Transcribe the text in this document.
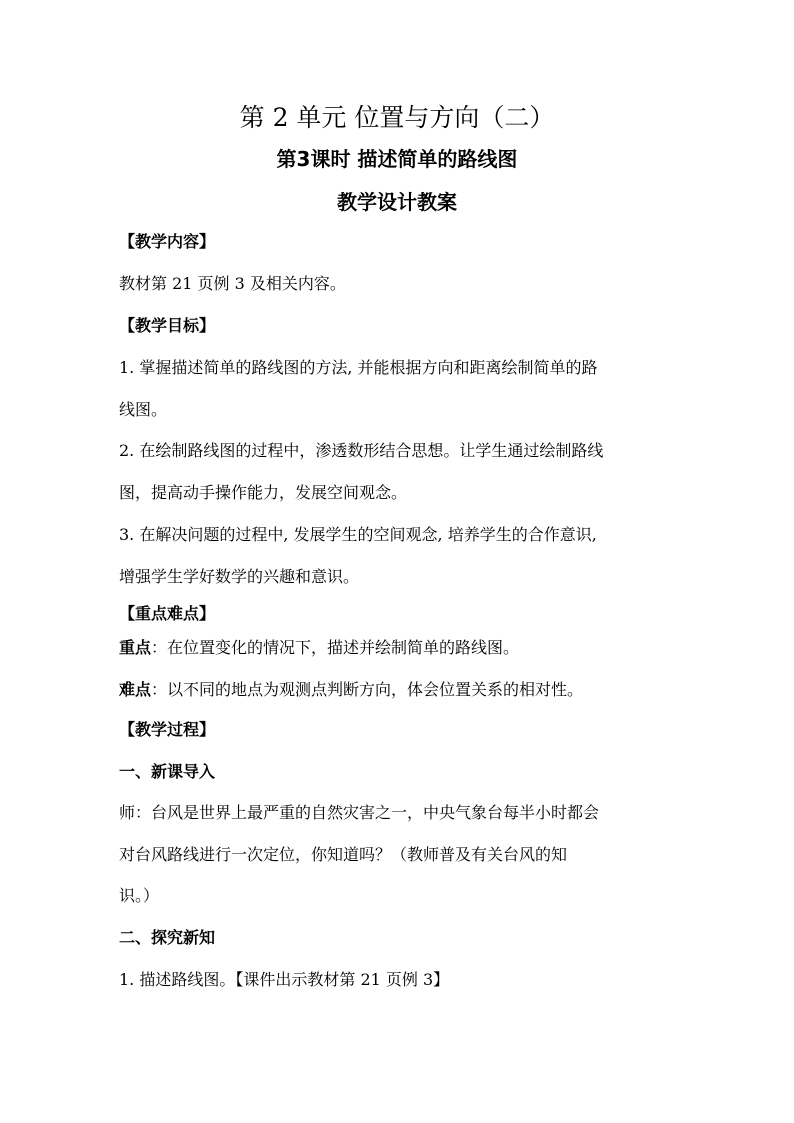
第 2 单元 位置与方向（二）
第3课时 描述简单的路线图
教学设计教案
【教学内容】
教材第 21 页例 3 及相关内容。
【教学目标】
1. 掌握描述简单的路线图的方法, 并能根据方向和距离绘制简单的路
线图。
2. 在绘制路线图的过程中，渗透数形结合思想。让学生通过绘制路线
图，提高动手操作能力，发展空间观念。
3. 在解决问题的过程中, 发展学生的空间观念, 培养学生的合作意识,
增强学生学好数学的兴趣和意识。
【重点难点】
重点：在位置变化的情况下，描述并绘制简单的路线图。
难点：以不同的地点为观测点判断方向，体会位置关系的相对性。
【教学过程】
一、新课导入
师：台风是世界上最严重的自然灾害之一，中央气象台每半小时都会
对台风路线进行一次定位，你知道吗？（教师普及有关台风的知
识。）
二、探究新知
1. 描述路线图。【课件出示教材第 21 页例 3】
